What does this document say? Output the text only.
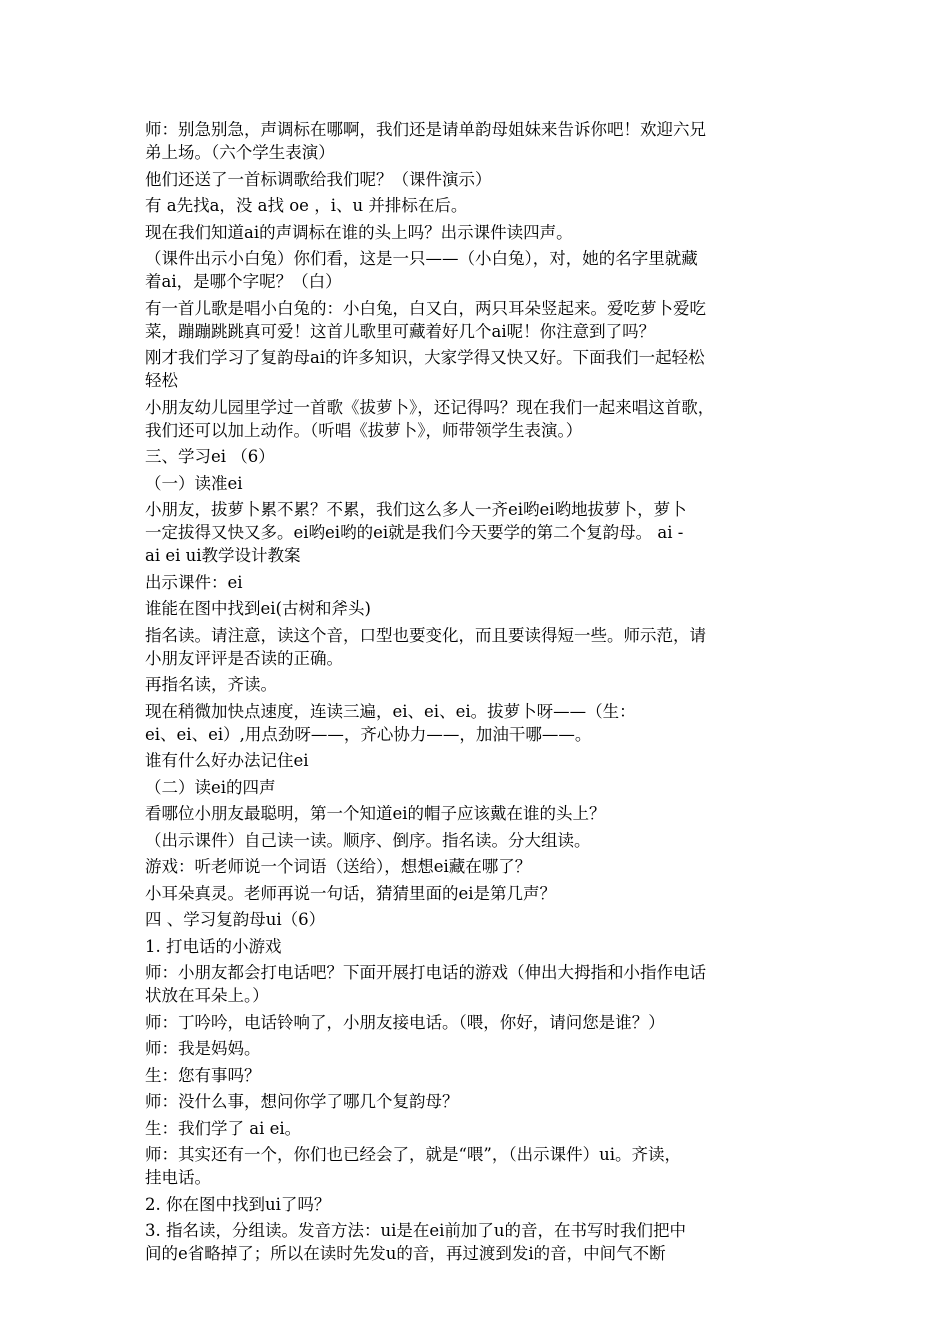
师：别急别急，声调标在哪啊，我们还是请单韵母姐妹来告诉你吧！欢迎六兄
弟上场。（六个学生表演）
他们还送了一首标调歌给我们呢？（课件演示）
有 a先找a，没 a找 oe ，i、u 并排标在后。
现在我们知道ai的声调标在谁的头上吗？出示课件读四声。
（课件出示小白兔）你们看，这是一只——（小白兔），对，她的名字里就藏
着ai，是哪个字呢？（白）
有一首儿歌是唱小白兔的：小白兔，白又白，两只耳朵竖起来。爱吃萝卜爱吃
菜，蹦蹦跳跳真可爱！这首儿歌里可藏着好几个ai呢！你注意到了吗？
刚才我们学习了复韵母ai的许多知识，大家学得又快又好。下面我们一起轻松
轻松
小朋友幼儿园里学过一首歌《拔萝卜》，还记得吗？现在我们一起来唱这首歌，
我们还可以加上动作。（听唱《拔萝卜》，师带领学生表演。）
三、学习ei （6）
（一）读准ei
小朋友，拔萝卜累不累？不累，我们这么多人一齐ei哟ei哟地拔萝卜，萝卜
一定拔得又快又多。ei哟ei哟的ei就是我们今天要学的第二个复韵母。 ai -
ai ei ui教学设计教案
出示课件：ei
谁能在图中找到ei(古树和斧头)
指名读。请注意，读这个音，口型也要变化，而且要读得短一些。师示范，请
小朋友评评是否读的正确。
再指名读，齐读。
现在稍微加快点速度，连读三遍，ei、ei、ei。拔萝卜呀——（生：
ei、ei、ei）,用点劲呀——，齐心协力——，加油干哪——。
谁有什么好办法记住ei
（二）读ei的四声
看哪位小朋友最聪明，第一个知道ei的帽子应该戴在谁的头上？
（出示课件）自己读一读。顺序、倒序。指名读。分大组读。
游戏：听老师说一个词语（送给），想想ei藏在哪了？
小耳朵真灵。老师再说一句话，猜猜里面的ei是第几声？
四 、学习复韵母ui（6）
1. 打电话的小游戏
师：小朋友都会打电话吧？下面开展打电话的游戏（伸出大拇指和小指作电话
状放在耳朵上。）
师：丁吟吟，电话铃响了，小朋友接电话。（喂，你好，请问您是谁？）
师：我是妈妈。
生：您有事吗？
师：没什么事，想问你学了哪几个复韵母？
生：我们学了 ai ei。
师：其实还有一个，你们也已经会了，就是“喂”，（出示课件）ui。齐读，
挂电话。
2. 你在图中找到ui了吗？
3. 指名读，分组读。发音方法：ui是在ei前加了u的音，在书写时我们把中
间的e省略掉了；所以在读时先发u的音，再过渡到发i的音，中间气不断
